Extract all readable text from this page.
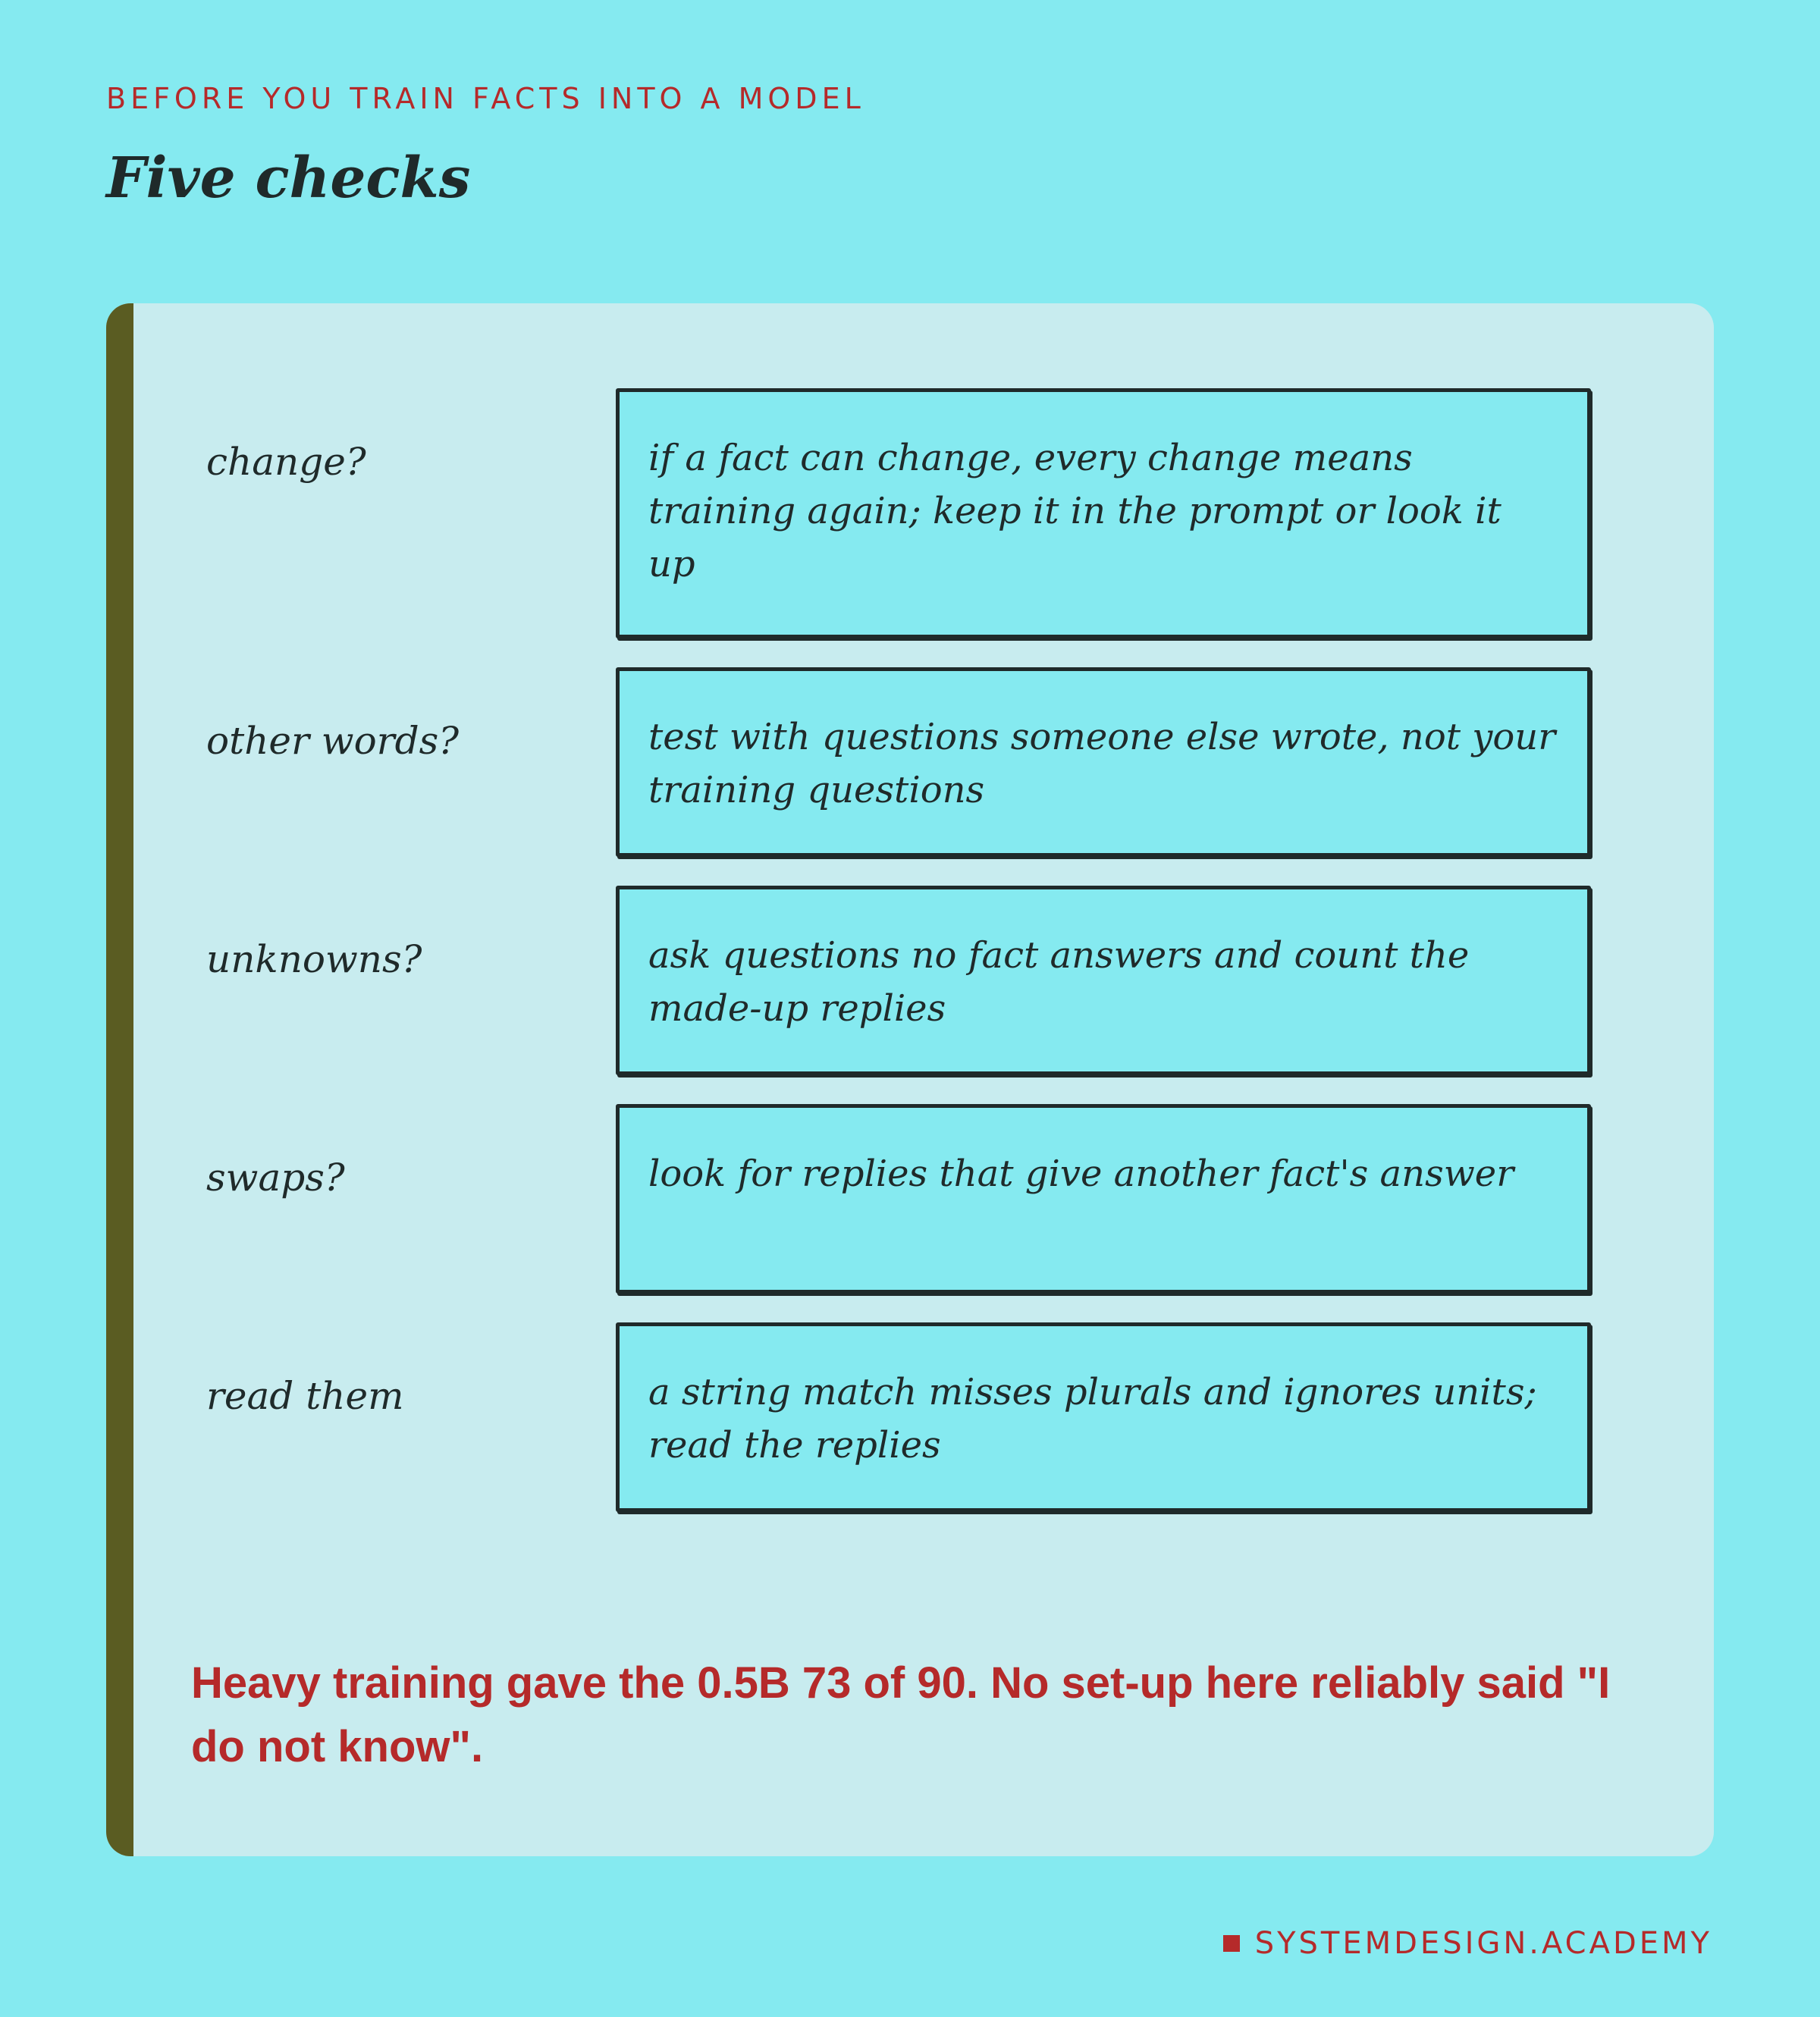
BEFORE YOU TRAIN FACTS INTO A MODEL
Five checks
change?	if a fact can change, every change means training again; keep it in the prompt or look it up
other words?	test with questions someone else wrote, not your training questions
unknowns?	ask questions no fact answers and count the made-up replies
swaps?	look for replies that give another fact's answer
read them	a string match misses plurals and ignores units; read the replies
Heavy training gave the 0.5B 73 of 90. No set-up here reliably said "I do not know".
SYSTEMDESIGN.ACADEMY
